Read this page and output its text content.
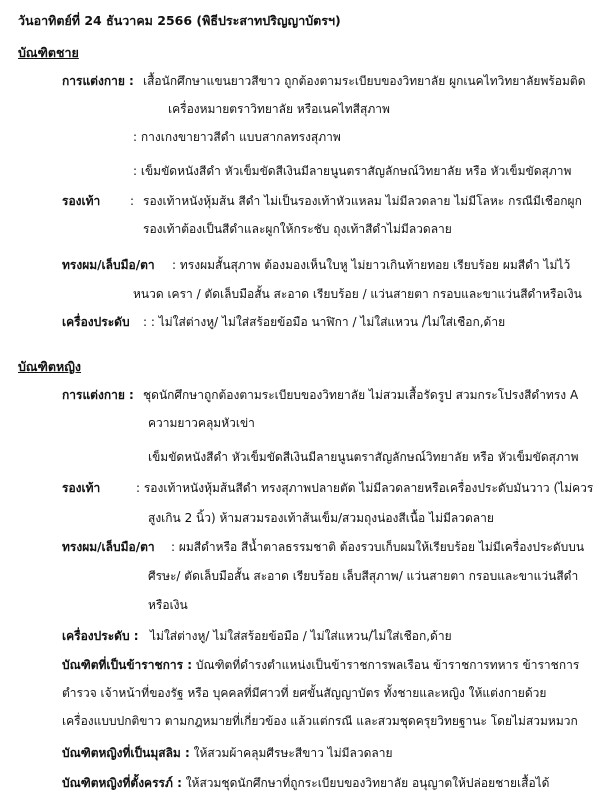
วันอาทิตย์ที่ 24 ธันวาคม 2566 (พิธีประสาทปริญญาบัตรฯ)
บัณฑิตชาย
การแต่งกาย : เสื้อนักศึกษาแขนยาวสีขาว ถูกต้องตามระเบียบของวิทยาลัย ผูกเนคไทวิทยาลัยพร้อมติด
เครื่องหมายตราวิทยาลัย หรือเนคไทสีสุภาพ
: กางเกงขายาวสีดำ แบบสากลทรงสุภาพ
: เข็มขัดหนังสีดำ หัวเข็มขัดสีเงินมีลายนูนตราสัญลักษณ์วิทยาลัย หรือ หัวเข็มขัดสุภาพ
รองเท้า : รองเท้าหนังหุ้มส้น สีดำ ไม่เป็นรองเท้าหัวแหลม ไม่มีลวดลาย ไม่มีโลหะ กรณีมีเชือกผูก
รองเท้าต้องเป็นสีดำและผูกให้กระชับ ถุงเท้าสีดำไม่มีลวดลาย
ทรงผม/เล็บมือ/ตา : ทรงผมสั้นสุภาพ ต้องมองเห็นใบหู ไม่ยาวเกินท้ายทอย เรียบร้อย ผมสีดำ ไม่ไว้
หนวด เครา / ตัดเล็บมือสั้น สะอาด เรียบร้อย / แว่นสายตา กรอบและขาแว่นสีดำหรือเงิน
เครื่องประดับ : : ไม่ใส่ต่างหู/ ไม่ใส่สร้อยข้อมือ นาฬิกา / ไม่ใส่แหวน /ไม่ใส่เชือก,ด้าย
บัณฑิตหญิง
การแต่งกาย : ชุดนักศึกษาถูกต้องตามระเบียบของวิทยาลัย ไม่สวมเสื้อรัดรูป สวมกระโปรงสีดำทรง A
ความยาวคลุมหัวเข่า
เข็มขัดหนังสีดำ หัวเข็มขัดสีเงินมีลายนูนตราสัญลักษณ์วิทยาลัย หรือ หัวเข็มขัดสุภาพ
รองเท้า	: รองเท้าหนังหุ้มส้นสีดำ ทรงสุภาพปลายตัด ไม่มีลวดลายหรือเครื่องประดับมันวาว (ไม่ควร
สูงเกิน 2 นิ้ว) ห้ามสวมรองเท้าส้นเข็ม/สวมถุงน่องสีเนื้อ ไม่มีลวดลาย
ทรงผม/เล็บมือ/ตา : ผมสีดำหรือ สีน้ำตาลธรรมชาติ ต้องรวบเก็บผมให้เรียบร้อย ไม่มีเครื่องประดับบน
ศีรษะ/ ตัดเล็บมือสั้น สะอาด เรียบร้อย เล็บสีสุภาพ/ แว่นสายตา กรอบและขาแว่นสีดำ
หรือเงิน
เครื่องประดับ : ไม่ใส่ต่างหู/ ไม่ใส่สร้อยข้อมือ / ไม่ใส่แหวน/ไม่ใส่เชือก,ด้าย
บัณฑิตที่เป็นข้าราชการ : บัณฑิตที่ดำรงตำแหน่งเป็นข้าราชการพลเรือน ข้าราชการทหาร ข้าราชการ
ตำรวจ เจ้าหน้าที่ของรัฐ หรือ บุคคลที่มีศาวที่ ยศขั้นสัญญาบัตร ทั้งชายและหญิง ให้แต่งกายด้วย
เครื่องแบบปกติขาว ตามกฎหมายที่เกี่ยวข้อง แล้วแต่กรณี และสวมชุดครุยวิทยฐานะ โดยไม่สวมหมวก
บัณฑิตหญิงที่เป็นมุสลิม : ให้สวมผ้าคลุมศีรษะสีขาว ไม่มีลวดลาย
บัณฑิตหญิงที่ตั้งครรภ์ : ให้สวมชุดนักศึกษาที่ถูกระเบียบของวิทยาลัย อนุญาตให้ปล่อยชายเสื้อได้
